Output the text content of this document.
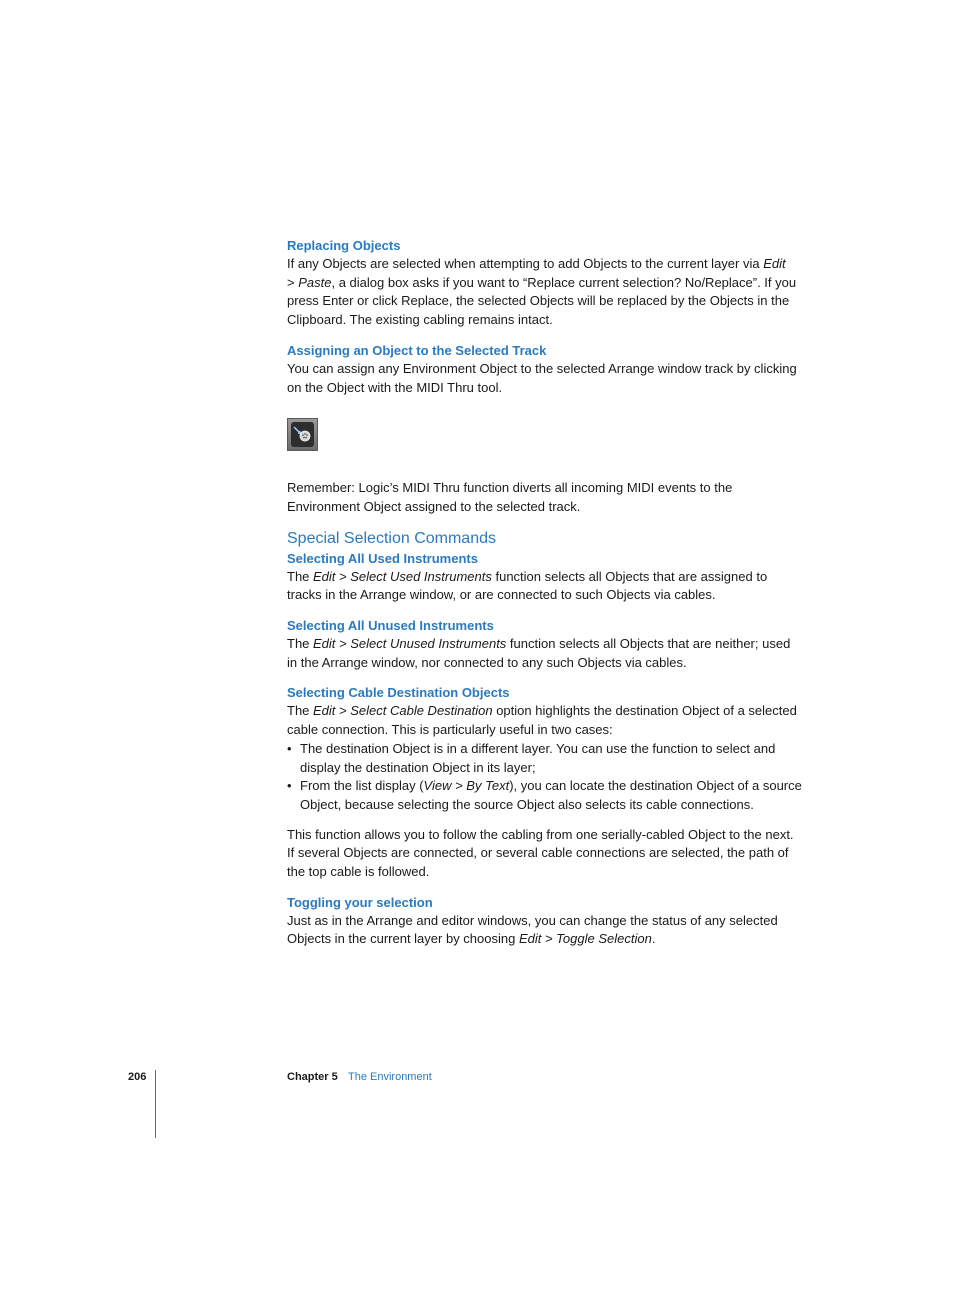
Replacing Objects

If any Objects are selected when attempting to add Objects to the current layer via Edit
> Paste, a dialog box asks if you want to “Replace current selection? No/Replace”. If you press Enter or click Replace, the selected Objects will be replaced by the Objects in the Clipboard. The existing cabling remains intact.

Assigning an Object to the Selected Track

You can assign any Environment Object to the selected Arrange window track by clicking on the Object with the MIDI Thru tool.

Remember: Logic’s MIDI Thru function diverts all incoming MIDI events to the Environment Object assigned to the selected track.

Special Selection Commands
Selecting All Used Instruments

The Edit > Select Used Instruments function selects all Objects that are assigned to tracks in the Arrange window, or are connected to such Objects via cables.

Selecting All Unused Instruments

The Edit > Select Unused Instruments function selects all Objects that are neither; used in the Arrange window, nor connected to any such Objects via cables.

Selecting Cable Destination Objects

The Edit > Select Cable Destination option highlights the destination Object of a selected cable connection. This is particularly useful in two cases:

• The destination Object is in a different layer. You can use the function to select and display the destination Object in its layer;
• From the list display (View > By Text), you can locate the destination Object of a source Object, because selecting the source Object also selects its cable connections.

This function allows you to follow the cabling from one serially-cabled Object to the next. If several Objects are connected, or several cable connections are selected, the path of the top cable is followed.

Toggling your selection

Just as in the Arrange and editor windows, you can change the status of any selected Objects in the current layer by choosing Edit > Toggle Selection.

206	Chapter 5 The Environment
